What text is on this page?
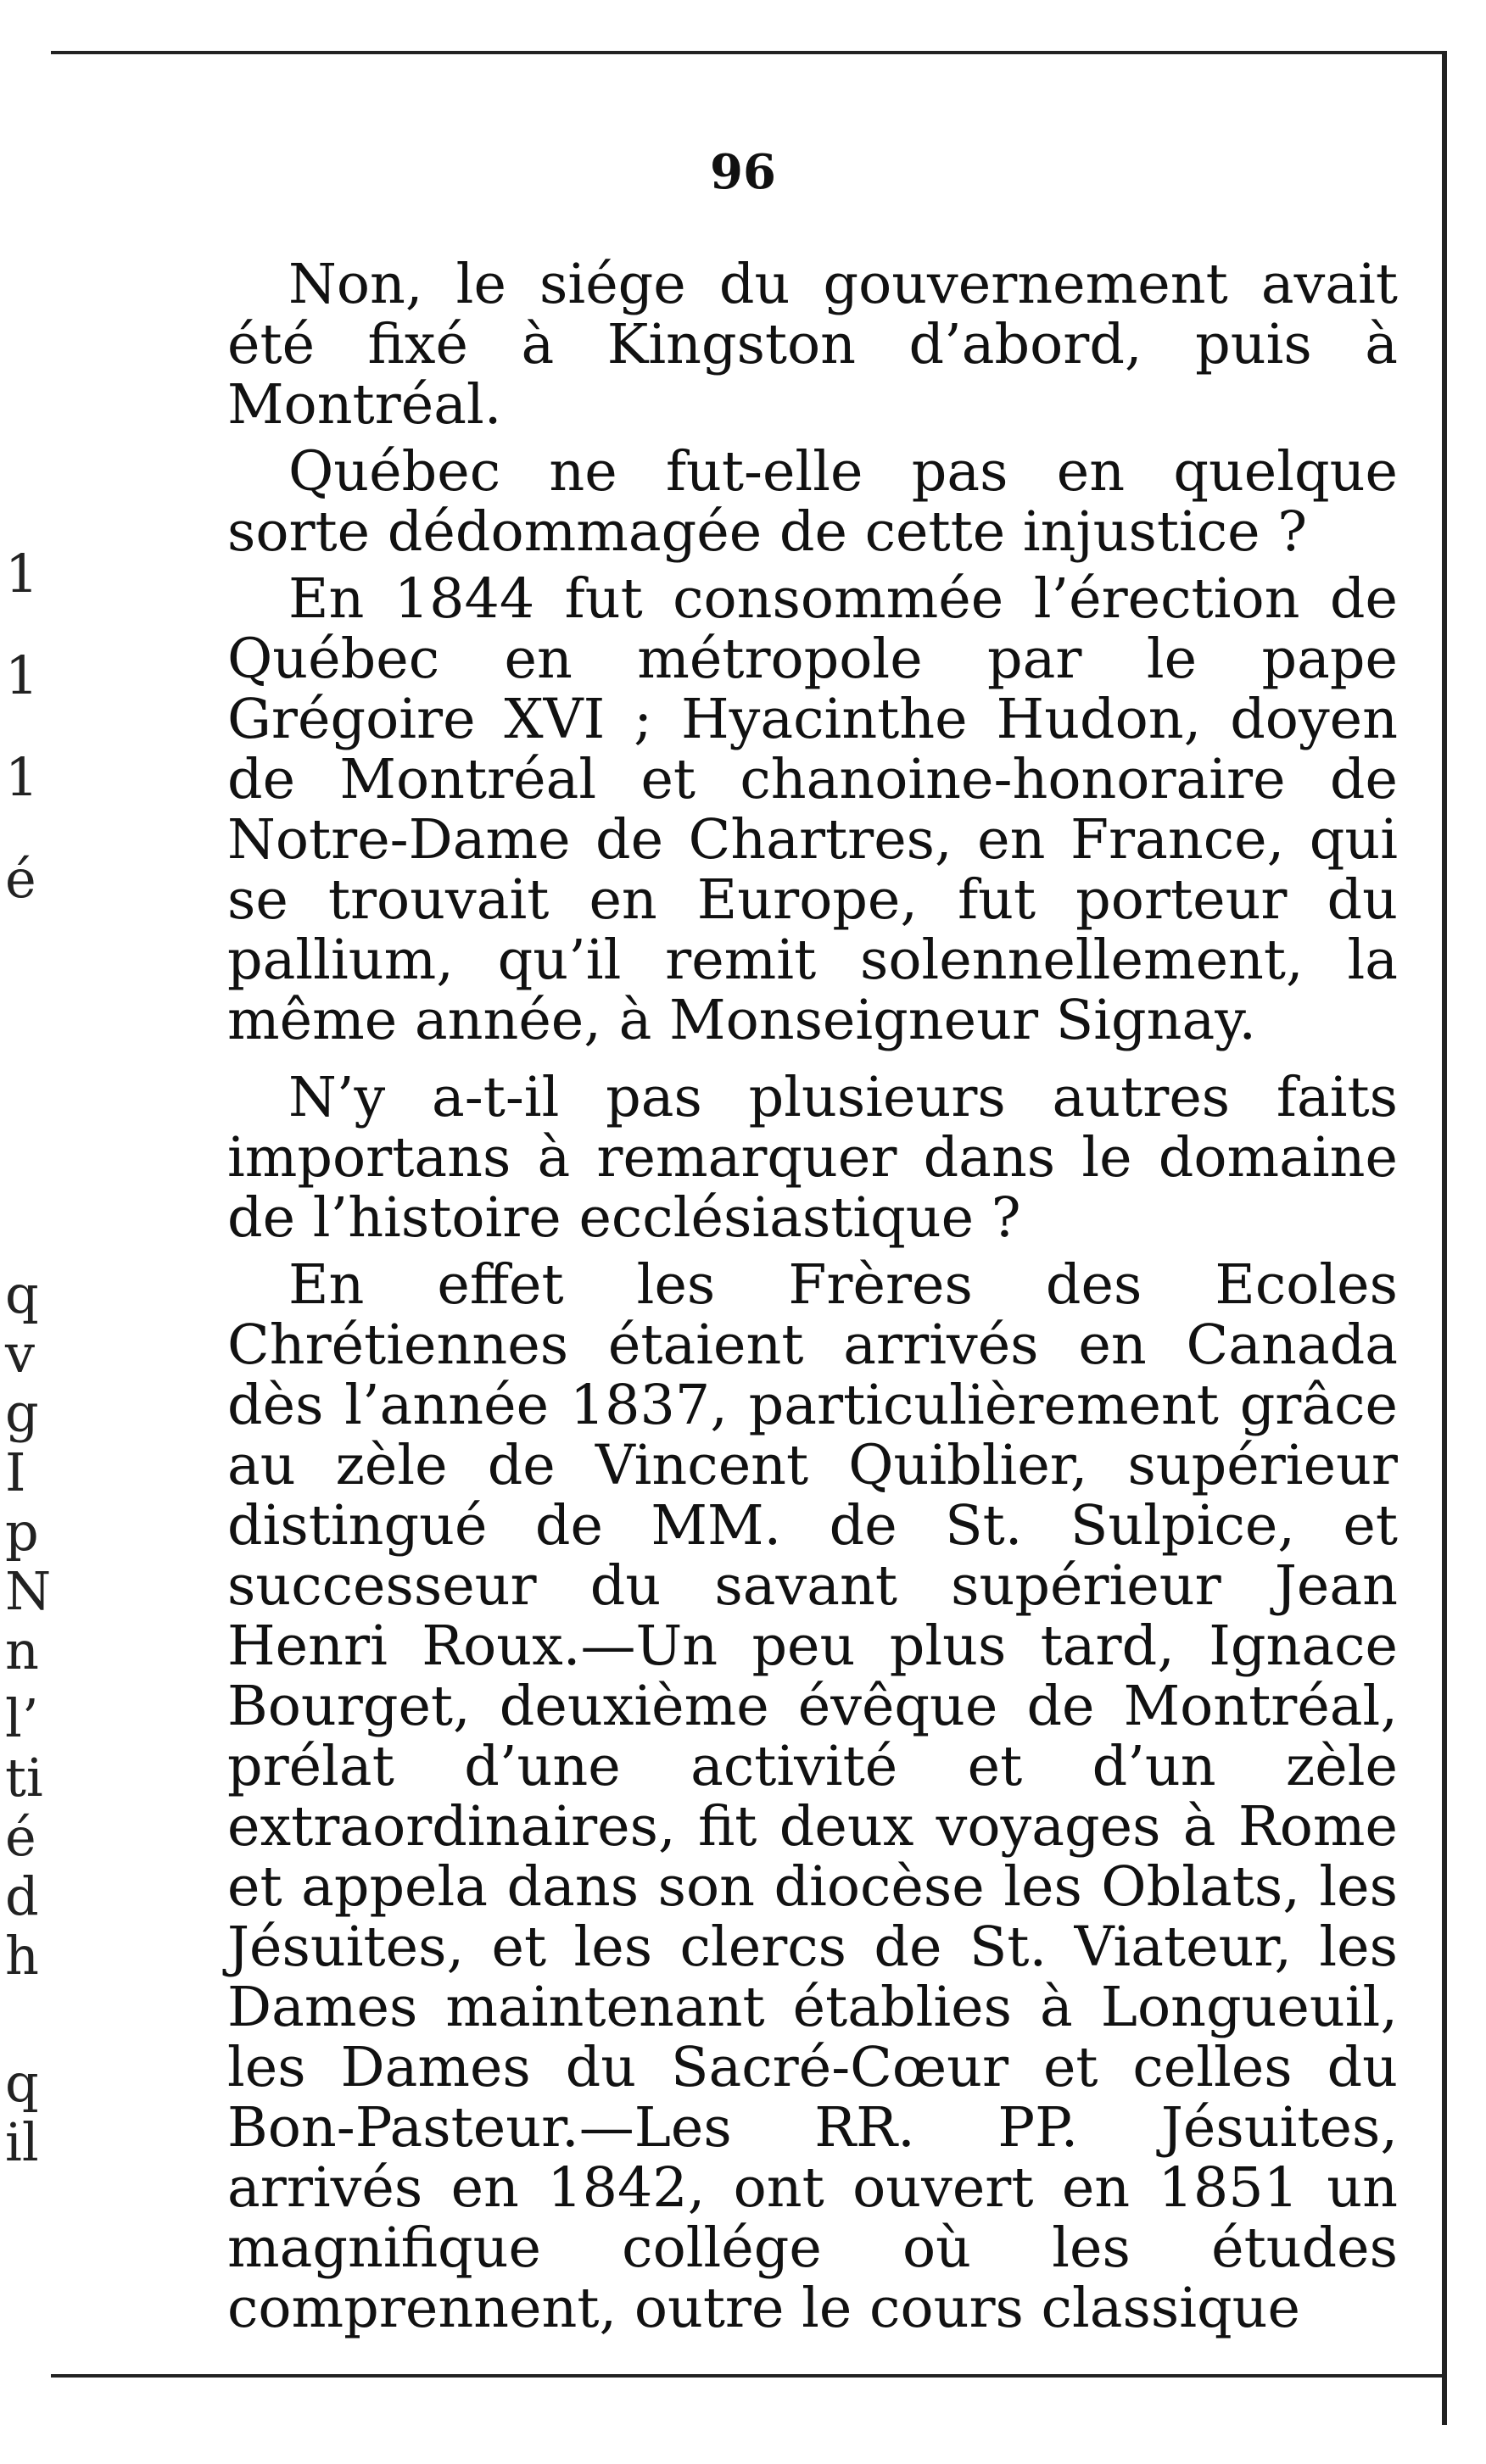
1
1
1
é
q
v
g
I
p
N
n
l’
ti
é
d
h
q
il
96

Non, le siége du gouvernement avait été fixé à Kingston d’abord, puis à Montréal.

Québec ne fut-elle pas en quelque sorte dédommagée de cette injustice ?

En 1844 fut consommée l’érection de Québec en métropole par le pape Grégoire XVI ; Hyacinthe Hudon, doyen de Montréal et chanoine-honoraire de Notre-Dame de Chartres, en France, qui se trouvait en Europe, fut porteur du pallium, qu’il remit solennellement, la même année, à Monseigneur Signay.

N’y a-t-il pas plusieurs autres faits importans à remarquer dans le domaine de l’histoire ecclésiastique ?

En effet les Frères des Ecoles Chrétiennes étaient arrivés en Canada dès l’année 1837, particulièrement grâce au zèle de Vincent Quiblier, supérieur distingué de MM. de St. Sulpice, et successeur du savant supérieur Jean Henri Roux.—Un peu plus tard, Ignace Bourget, deuxième évêque de Montréal, prélat d’une activité et d’un zèle extraordinaires, fit deux voyages à Rome et appela dans son diocèse les Oblats, les Jésuites, et les clercs de St. Viateur, les Dames maintenant établies à Longueuil, les Dames du Sacré-Cœur et celles du Bon-Pasteur.—Les RR. PP. Jésuites, arrivés en 1842, ont ouvert en 1851 un magnifique collége où les études comprennent, outre le cours classique
